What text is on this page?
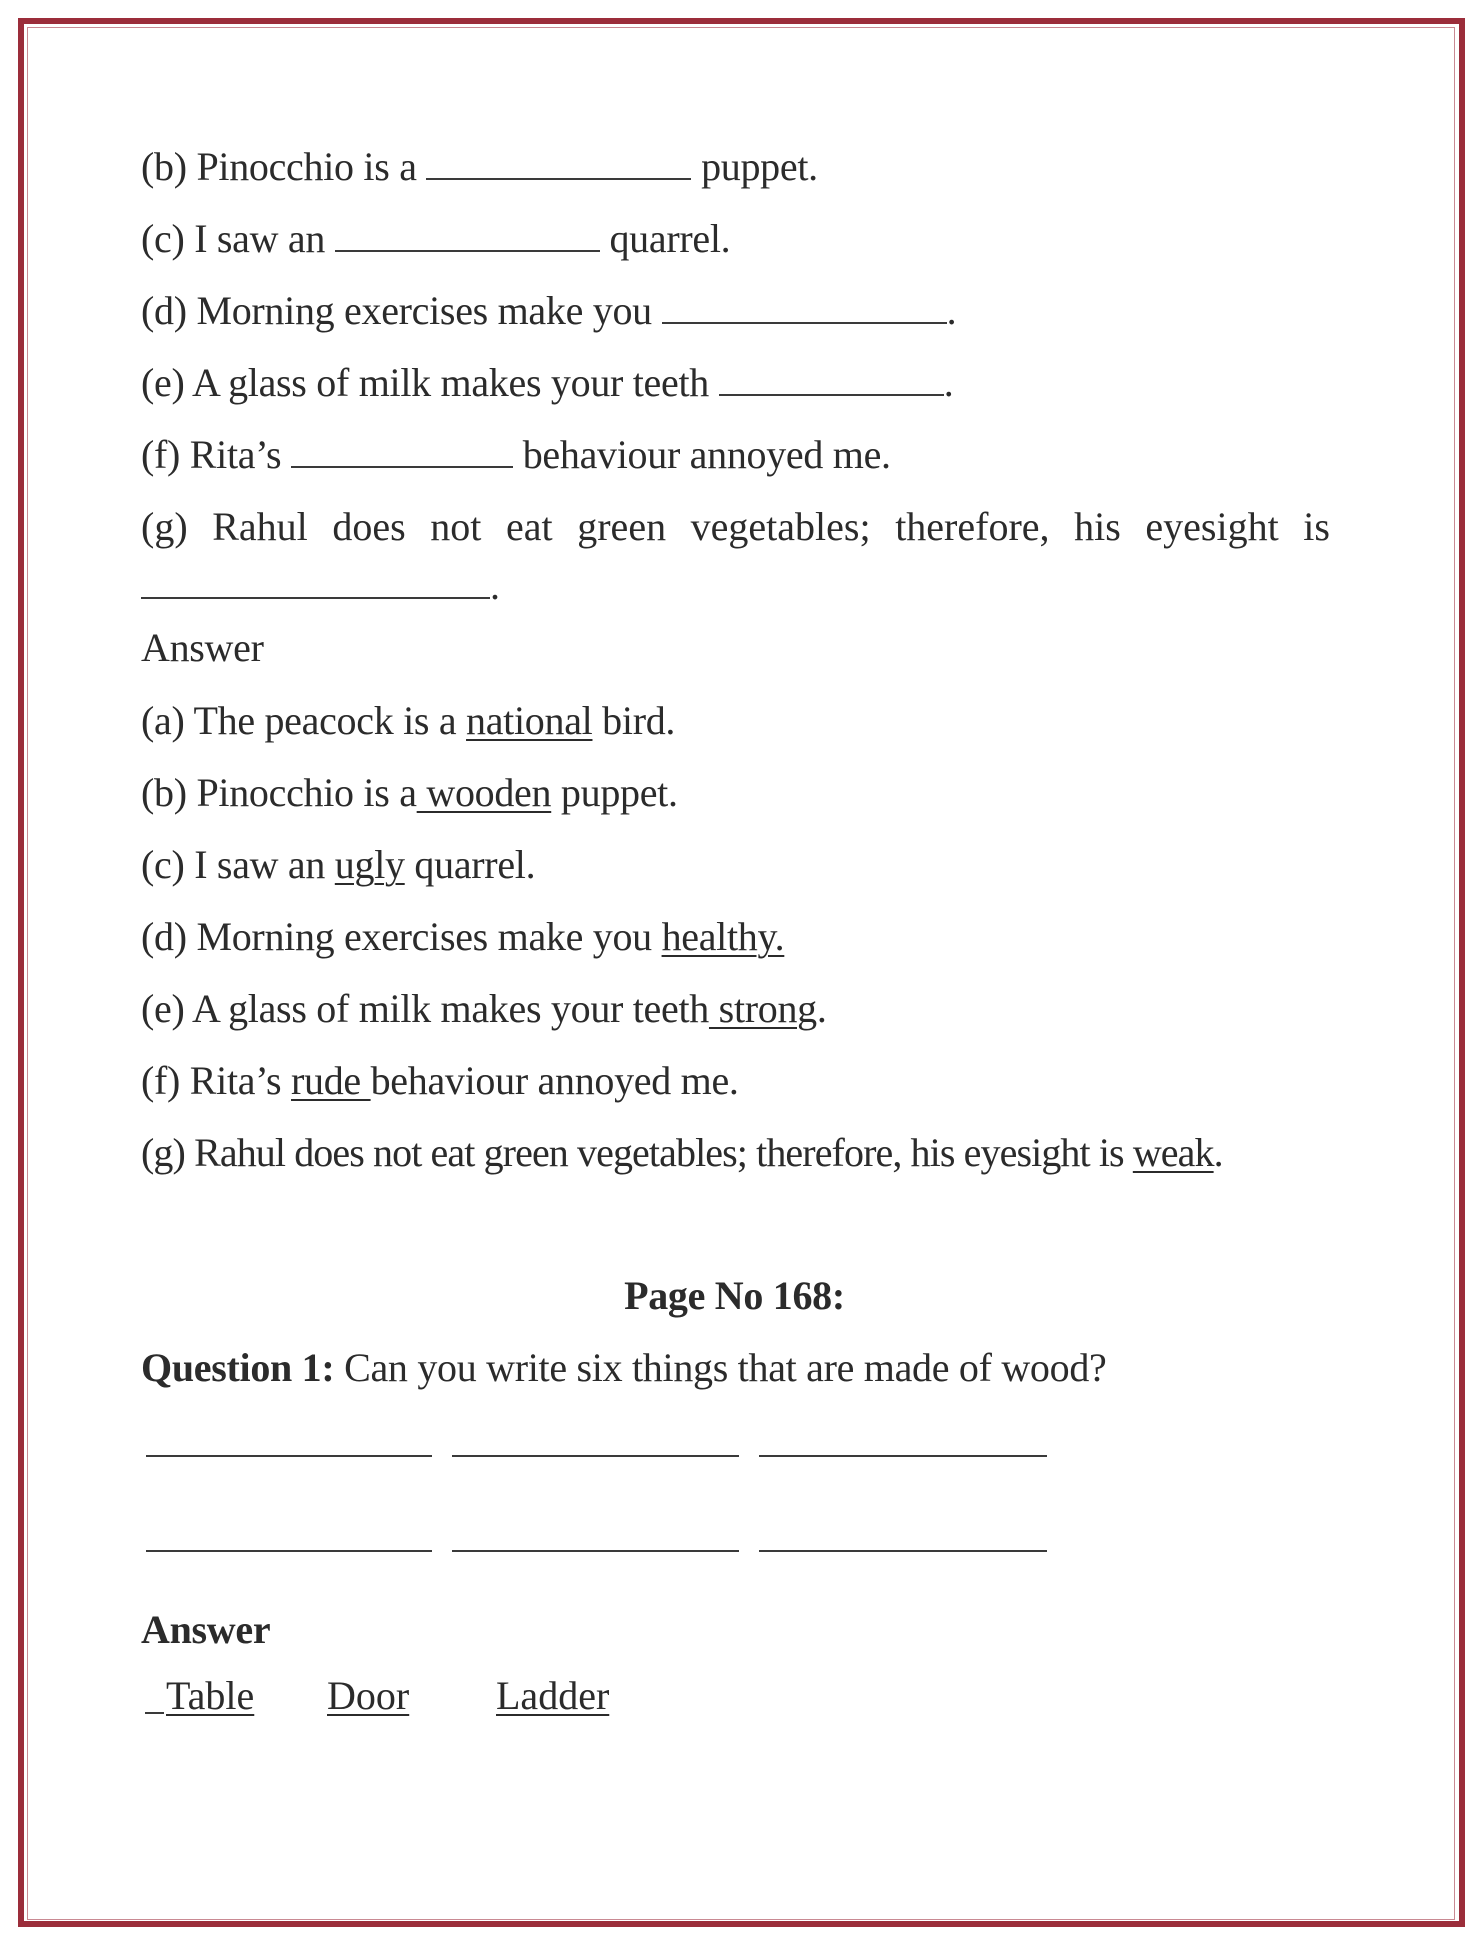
(b) Pinocchio is a	puppet.
(c) I saw an	quarrel.
(d) Morning exercises make you	.
(e) A glass of milk makes your teeth	.
(f) Rita’s	behaviour annoyed me.
(g) Rahul does not eat green vegetables; therefore, his eyesight is
.
Answer
(a) The peacock is a national bird.
(b) Pinocchio is a wooden puppet.
(c) I saw an ugly quarrel.
(d) Morning exercises make you healthy.
(e) A glass of milk makes your teeth strong.
(f) Rita’s rude behaviour annoyed me.
(g) Rahul does not eat green vegetables; therefore, his eyesight is weak.
Page No 168:
Question 1: Can you write six things that are made of wood?
Answer
Table Door Ladder
